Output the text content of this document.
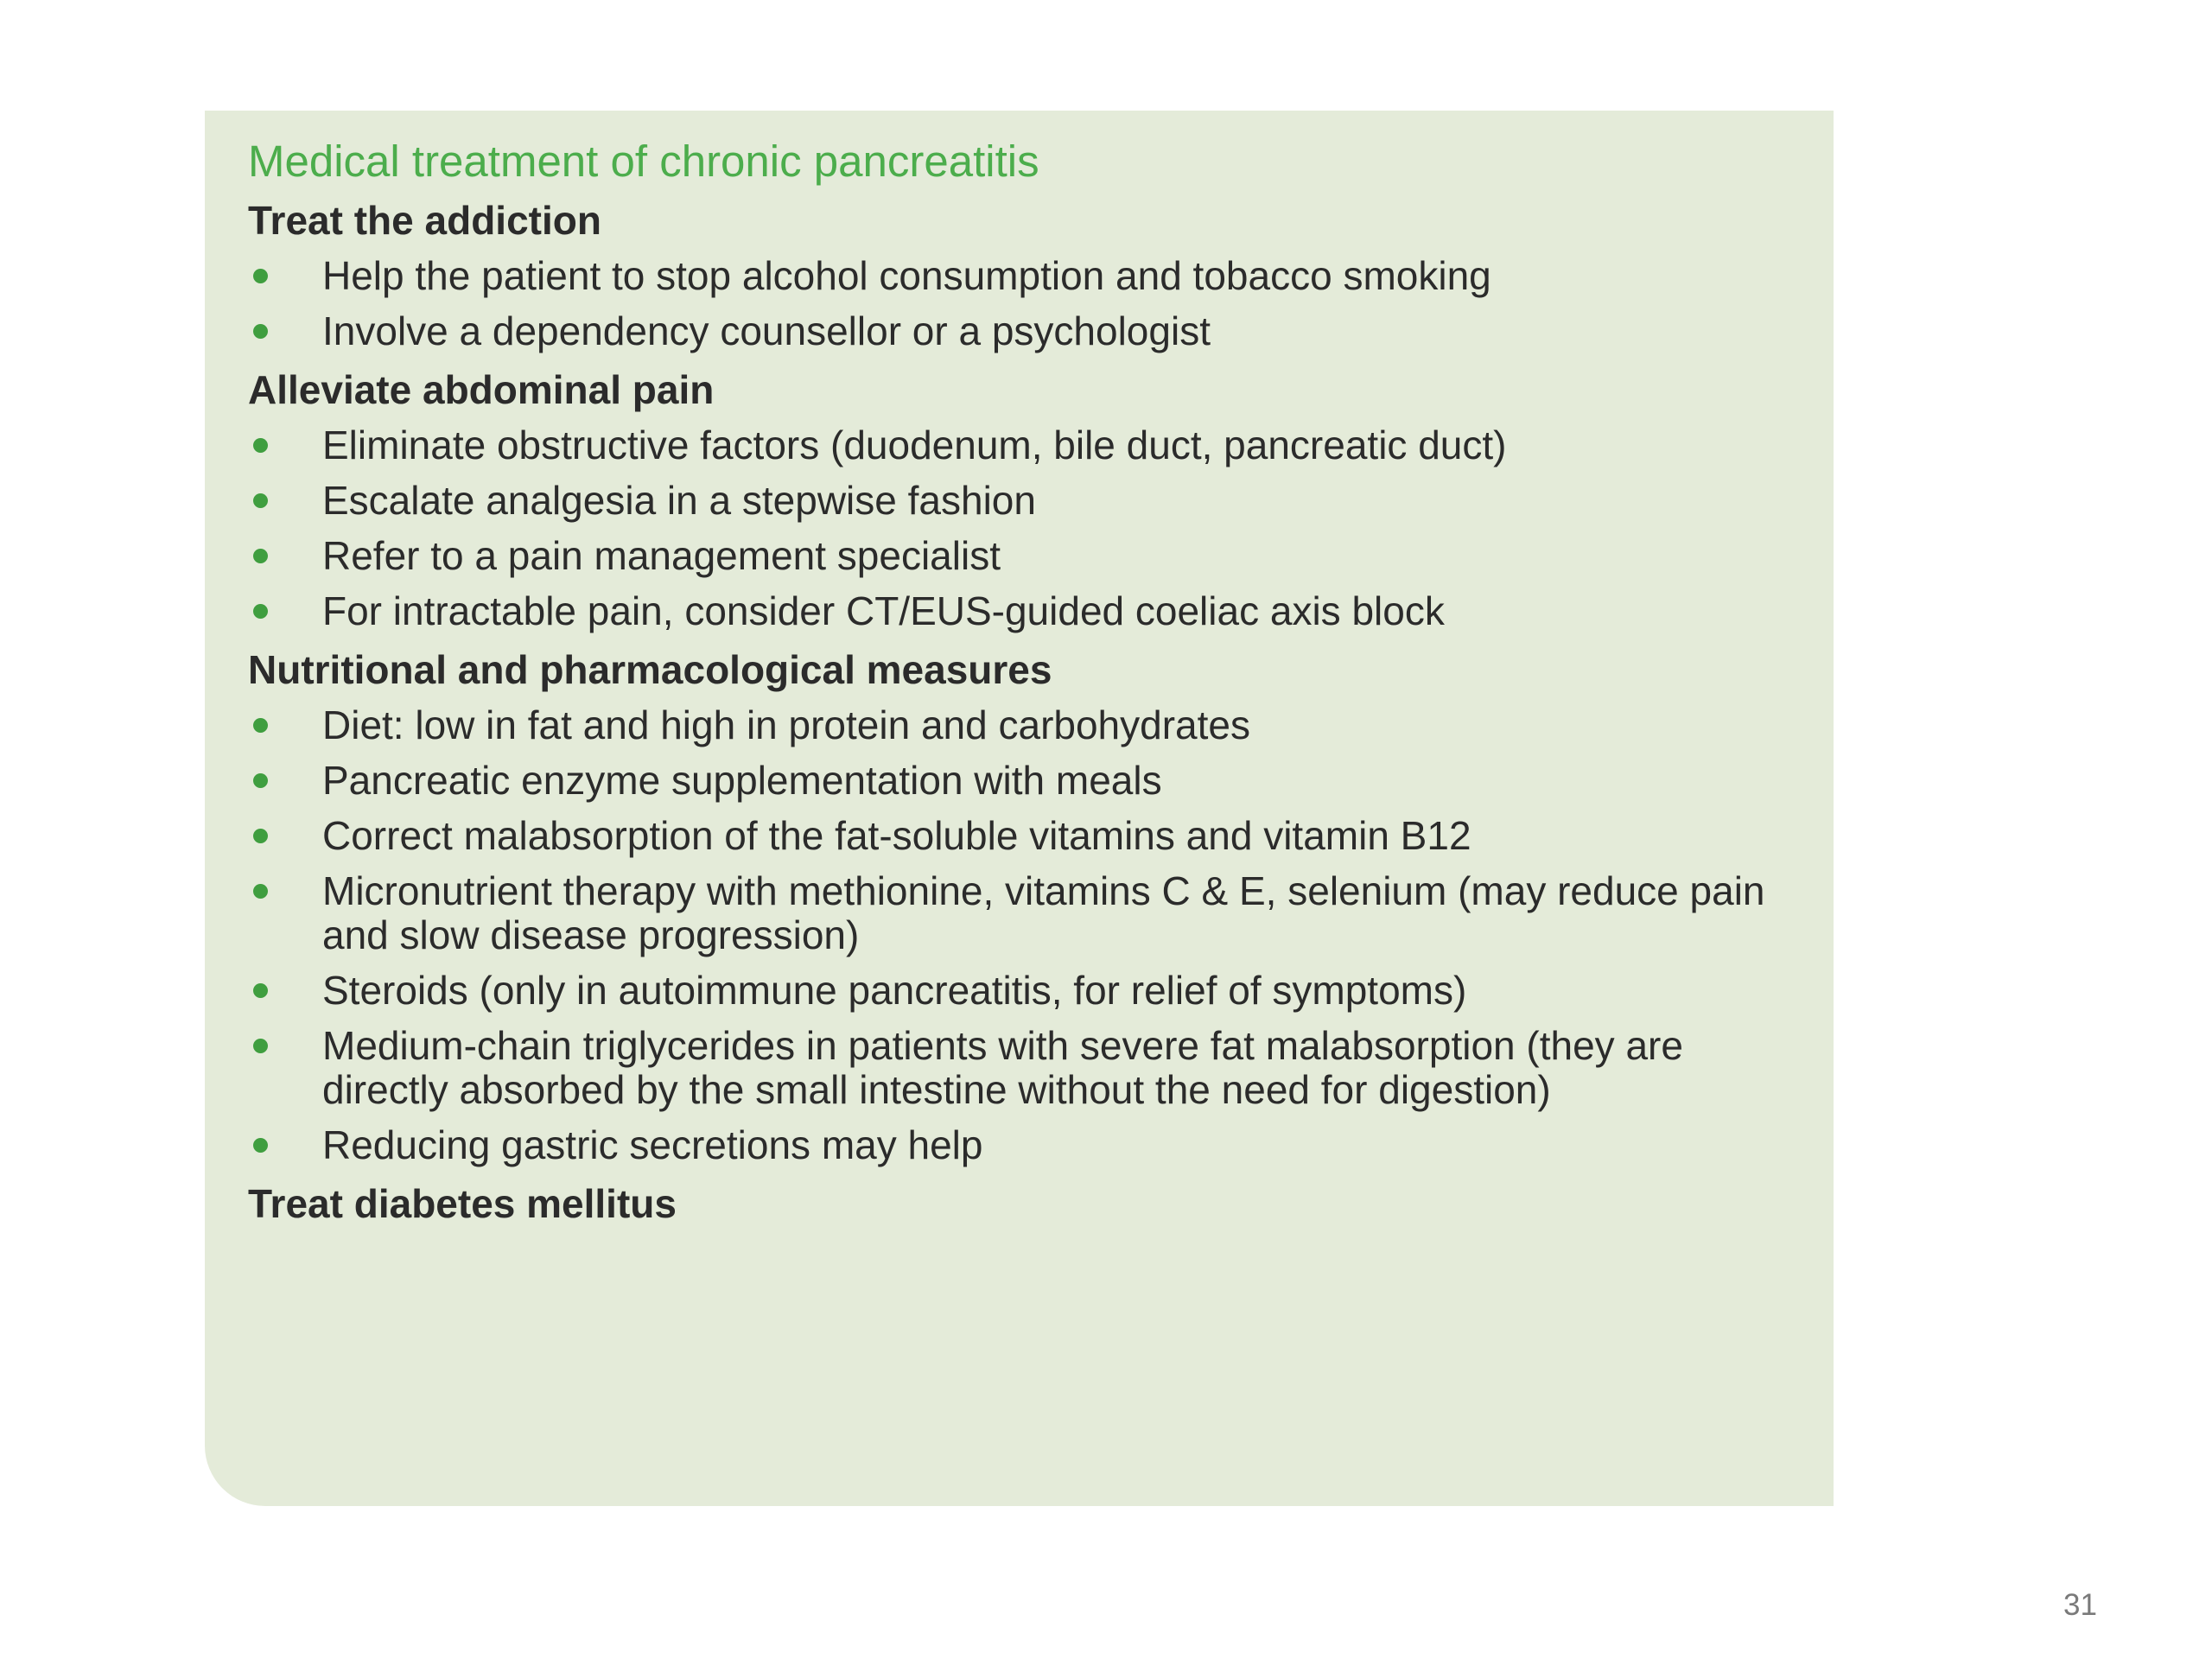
Medical treatment of chronic pancreatitis
Treat the addiction
Help the patient to stop alcohol consumption and tobacco smoking
Involve a dependency counsellor or a psychologist
Alleviate abdominal pain
Eliminate obstructive factors (duodenum, bile duct, pancreatic duct)
Escalate analgesia in a stepwise fashion
Refer to a pain management specialist
For intractable pain, consider CT/EUS-guided coeliac axis block
Nutritional and pharmacological measures
Diet: low in fat and high in protein and carbohydrates
Pancreatic enzyme supplementation with meals
Correct malabsorption of the fat-soluble vitamins and vitamin B12
Micronutrient therapy with methionine, vitamins C & E, selenium (may reduce pain and slow disease progression)
Steroids (only in autoimmune pancreatitis, for relief of symptoms)
Medium-chain triglycerides in patients with severe fat malabsorption (they are directly absorbed by the small intestine without the need for digestion)
Reducing gastric secretions may help
Treat diabetes mellitus
31
